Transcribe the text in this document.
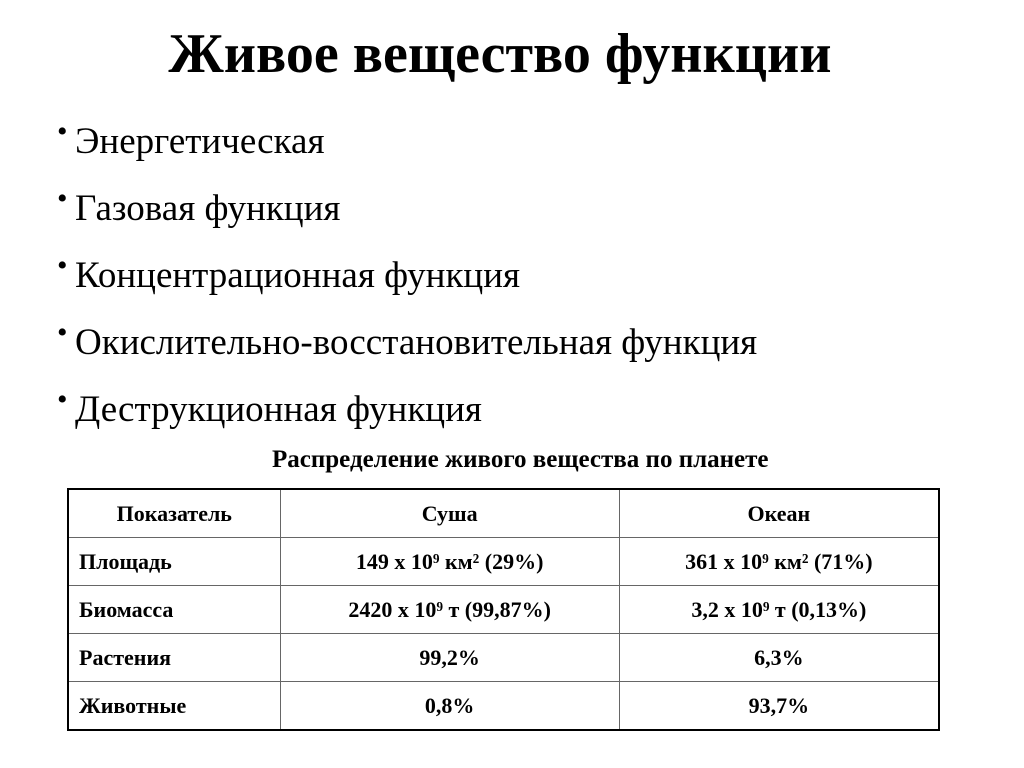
Живое вещество функции
• Энергетическая
• Газовая функция
• Концентрационная функция
• Окислительно-восстановительная функция
• Деструкционная функция
Распределение живого вещества по планете
Показатель	Суша	Океан
Площадь	149 х 10⁹ км² (29%)	361 х 10⁹ км² (71%)
Биомасса	2420 х 10⁹ т (99,87%)	3,2 х 10⁹ т (0,13%)
Растения	99,2%	6,3%
Животные	0,8%	93,7%
